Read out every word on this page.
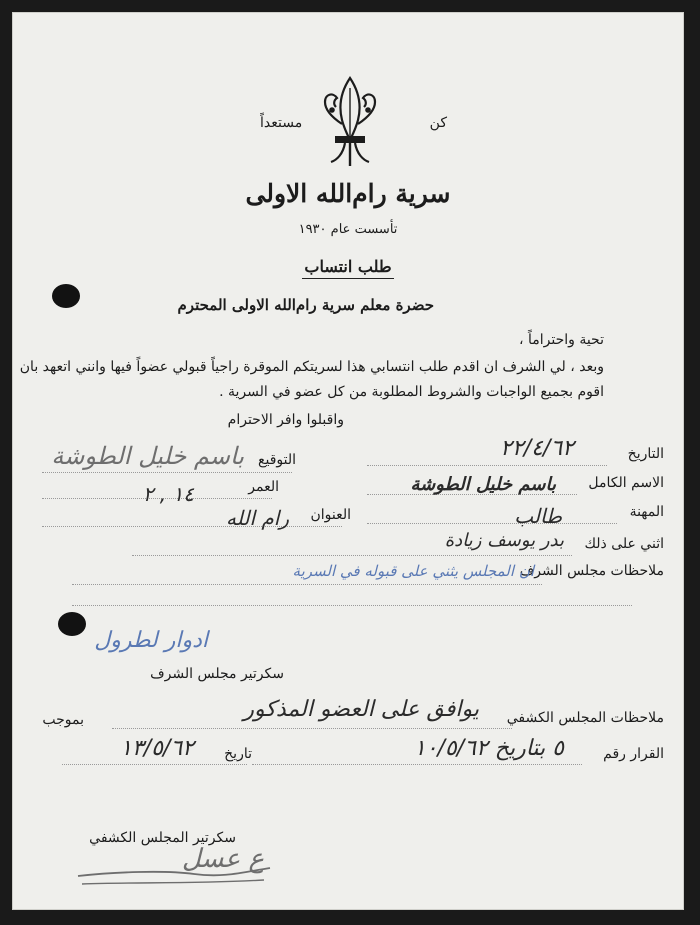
كن
مستعداً
سرية رام‌الله الاولى
تأسست عام ١٩٣٠
طلب انتساب
حضرة معلم سرية رام‌الله الاولى المحترم
تحية واحتراماً ،
وبعد ، لي الشرف ان اقدم طلب انتسابي هذا لسريتكم الموقرة راجياً قبولي عضواً فيها وانني اتعهد بان
اقوم بجميع الواجبات والشروط المطلوبة من كل عضو في السرية .
واقبلوا وافر الاحترام
التاريخ
٢٢/٤/٦٢
التوقيع
باسم خليل الطوشة
الاسم الكامل
باسم خليل الطوشة
العمر
١٤ , ٢
المهنة
طالب
العنوان
رام الله
اثني على ذلك
بدر يوسف زيادة
ملاحظات مجلس الشرف
ان المجلس يثني على قبوله في السرية
ادوار لطرول
سكرتير مجلس الشرف
ملاحظات المجلس الكشفي
يوافق على العضو المذكور
بموجب
القرار رقم
٥ بتاريخ ١٠/٥/٦٢
تاريخ
١٣/٥/٦٢
سكرتير المجلس الكشفي
ع عسل
